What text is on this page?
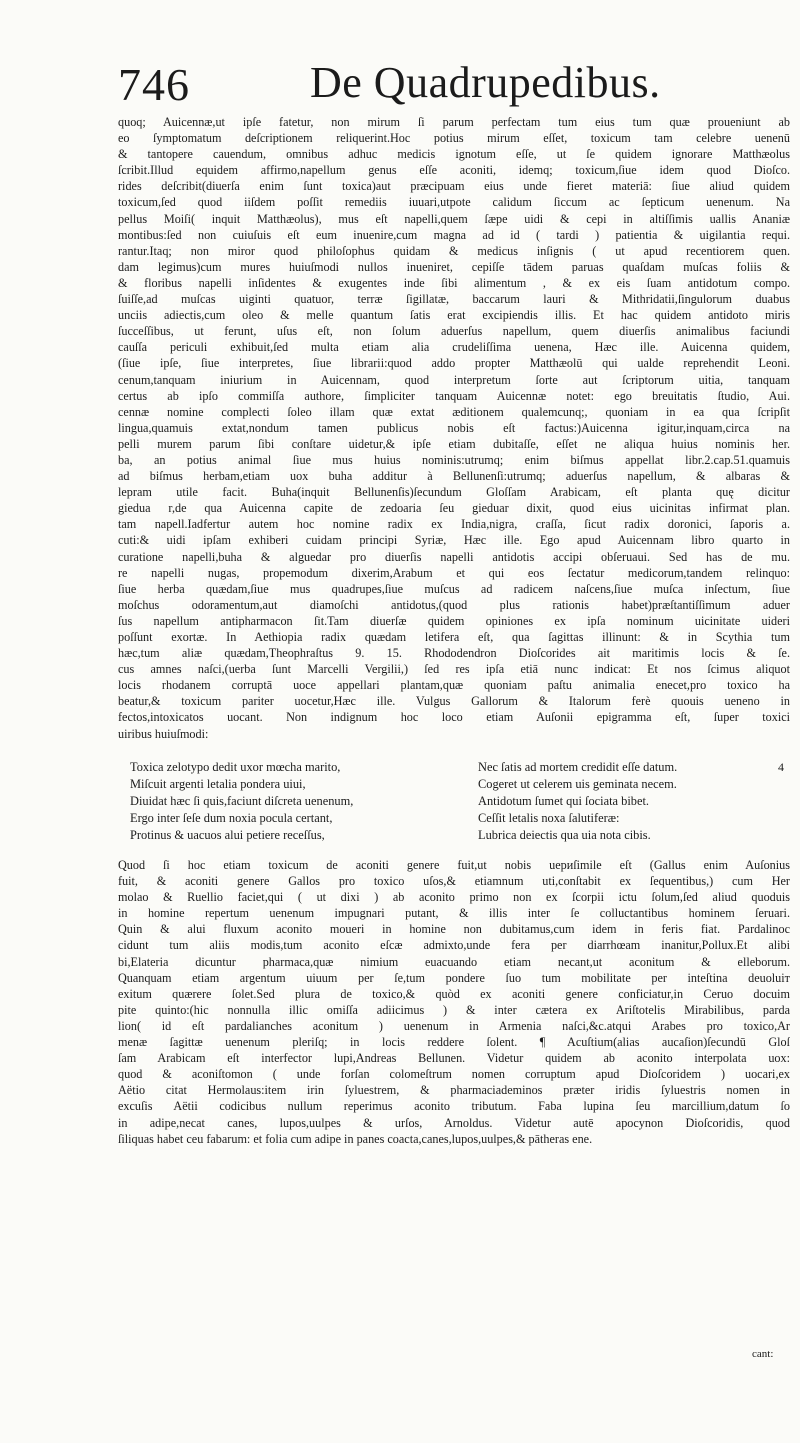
746	De Quadrupedibus.
quoq; Auicennæ,ut ipſe fatetur, non mirum ſi parum perfectam tum eius tum quæ proueniunt ab
eo ſymptomatum deſcriptionem reliquerint.Hoc potius mirum eſſet, toxicum tam celebre uenenū
& tantopere cauendum, omnibus adhuc medicis ignotum eſſe, ut ſe quidem ignorare Matthæolus
ſcribit.Illud equidem affirmo,napellum genus eſſe aconiti, idemq; toxicum,ſiue idem quod Dioſco.
rides deſcribit(diuerſa enim ſunt toxica)aut præcipuam eius unde fieret materiā: ſiue aliud quidem
toxicum,ſed quod iiſdem poſſit remediis iuuari,utpote calidum ſiccum ac ſepticum uenenum. Na
pellus Moiſi( inquit Matthæolus), mus eſt napelli,quem ſæpe uidi & cepi in altiſſimis uallis Ananiæ
montibus:ſed non cuiuſuis eſt eum inuenire,cum magna ad id ( tardi ) patientia & uigilantia requi.
rantur.Itaq; non miror quod philoſophus quidam & medicus inſignis ( ut apud recentiorem quen.
dam legimus)cum mures huiuſmodi nullos inueniret, cepiſſe tādem paruas quaſdam muſcas foliis &
& floribus napelli inſidentes & exugentes inde ſibi alimentum , & ex eis ſuam antidotum compo.
ſuiſſe,ad muſcas uiginti quatuor, terræ ſigillatæ, baccarum lauri & Mithridatii,ſingulorum duabus
unciis adiectis,cum oleo & melle quantum ſatis erat excipiendis illis. Et hac quidem antidoto miris
ſucceſſibus, ut ferunt, uſus eſt, non ſolum aduerſus napellum, quem diuerſis animalibus faciundi
cauſſa periculi exhibuit,ſed multa etiam alia crudeliſſima uenena, Hæc ille. Auicenna quidem,
(ſiue ipſe, ſiue interpretes, ſiue librarii:quod addo propter Matthæolū qui ualde reprehendit Leoni.
cenum,tanquam iniurium in Auicennam, quod interpretum ſorte aut ſcriptorum uitia, tanquam
certus ab ipſo commiſſa authore, ſimpliciter tanquam Auicennæ notet: ego breuitatis ſtudio, Aui.
cennæ nomine complecti ſoleo illam quæ extat æditionem qualemcunq;, quoniam in ea qua ſcripſit
lingua,quamuis extat,nondum tamen publicus nobis eſt factus:)Auicenna igitur,inquam,circa na
pelli murem parum ſibi conſtare uidetur,& ipſe etiam dubitaſſe, eſſet ne aliqua huius nominis her.
ba, an potius animal ſiue mus huius nominis:utrumq; enim biſmus appellat libr.2.cap.51.quamuis
ad biſmus herbam,etiam uox buha additur à Bellunenſi:utrumq; aduerſus napellum, & albaras &
lepram utile facit. Buha(inquit Bellunenſis)ſecundum Gloſſam Arabicam, eſt planta quę dicitur
giedua r,de qua Auicenna capite de zedoaria ſeu gieduar dixit, quod eius uicinitas infirmat plan.
tam napell.Iadfertur autem hoc nomine radix ex India,nigra, craſſa, ſicut radix doronici, ſaporis a.
cuti:& uidi ipſam exhiberi cuidam principi Syriæ, Hæc ille. Ego apud Auicennam libro quarto in
curatione napelli,buha & alguedar pro diuerſis napelli antidotis accipi obſeruaui. Sed has de mu.
re napelli nugas, propemodum dixerim,Arabum et qui eos ſectatur medicorum,tandem relinquo:
ſiue herba quædam,ſiue mus quadrupes,ſiue muſcus ad radicem naſcens,ſiue muſca inſectum, ſiue
moſchus odoramentum,aut diamoſchi antidotus,(quod plus rationis habet)præſtantiſſimum aduer
ſus napellum antipharmacon ſit.Tam diuerſæ quidem opiniones ex ipſa nominum uicinitate uideri
poſſunt exortæ. In Aethiopia radix quædam letifera eſt, qua ſagittas illinunt: & in Scythia tum
hæc,tum aliæ quædam,Theophraſtus 9. 15. Rhododendron Dioſcorides ait maritimis locis & ſe.
cus amnes naſci,(uerba ſunt Marcelli Vergilii,) ſed res ipſa etiā nunc indicat: Et nos ſcimus aliquot
locis rhodanem corruptā uoce appellari plantam,quæ quoniam paſtu animalia enecet,pro toxico ha
beatur,& toxicum pariter uocetur,Hæc ille. Vulgus Gallorum & Italorum ferè quouis ueneno in
fectos,intoxicatos uocant. Non indignum hoc loco etiam Auſonii epigramma eſt, ſuper toxici
uiribus huiuſmodi:
Toxica zelotypo dedit uxor mœcha marito,	Nec ſatis ad mortem credidit eſſe datum.	4
Miſcuit argenti letalia pondera uiui,	Cogeret ut celerem uis geminata necem.
Diuidat hæc ſi quis,faciunt diſcreta uenenum,	Antidotum ſumet qui ſociata bibet.
Ergo inter ſeſe dum noxia pocula certant,	Ceſſit letalis noxa ſalutiferæ:
Protinus & uacuos alui petiere receſſus,	Lubrica deiectis qua uia nota cibis.
Quod ſi hoc etiam toxicum de aconiti genere fuit,ut nobis uериſimile eſt (Gallus enim Auſonius
fuit, & aconiti genere Gallos pro toxico uſos,& etiamnum uti,conſtabit ex ſequentibus,) cum Her
molao & Ruellio faciet,qui ( ut dixi ) ab aconito primo non ex ſcorpii ictu ſolum,ſed aliud quoduis
in homine repertum uenenum impugnari putant, & illis inter ſe colluctantibus hominem ſeruari.
Quin & alui fluxum aconito moueri in homine non dubitamus,cum idem in feris fiat. Pardalinoc
cidunt tum aliis modis,tum aconito eſcæ admixto,unde fera per diarrhœam inanitur,Pollux.Et alibi
bi,Elateria dicuntur pharmaca,quæ nimium euacuando etiam necant,ut aconitum & elleborum.
Quanquam etiam argentum uiuum per ſe,tum pondere ſuo tum mobilitate per inteſtina deuoluiт
exitum quærere ſolet.Sed plura de toxico,& quòd ex aconiti genere conficiatur,in Ceruo docuim
pite quinto:(hic nonnulla illic omiſſa adiicimus ) & inter cætera ex Ariſtotelis Mirabilibus, parda
lion( id eſt pardalianches aconitum ) uenenum in Armenia naſci,&c.atqui Arabes pro toxico,Ar
menæ ſagittæ uenenum pleriſq; in locis reddere ſolent. ¶ Acuſtium(alias aucaſion)ſecundū Gloſ
ſam Arabicam eſt interfector lupi,Andreas Bellunen. Videtur quidem ab aconito interpolata uox:
quod & aconiſtomon ( unde forſan colomeſtrum nomen corruptum apud Dioſcoridem ) uocari,ex
Aëtio citat Hermolaus:item irin ſyluestrem, & pharmaciademinos præter iridis ſyluestris nomen in
excuſis Aëtii codicibus nullum reperimus aconito tributum. Faba lupina ſeu marcillium,datum ſo
in adipe,necat canes, lupos,uulpes & urſos, Arnoldus. Videtur autē apocynon Dioſcoridis, quod
ſiliquas habet ceu fabarum: et folia cum adipe in panes coacta,canes,lupos,uulpes,& pātheras ene.
cant:
